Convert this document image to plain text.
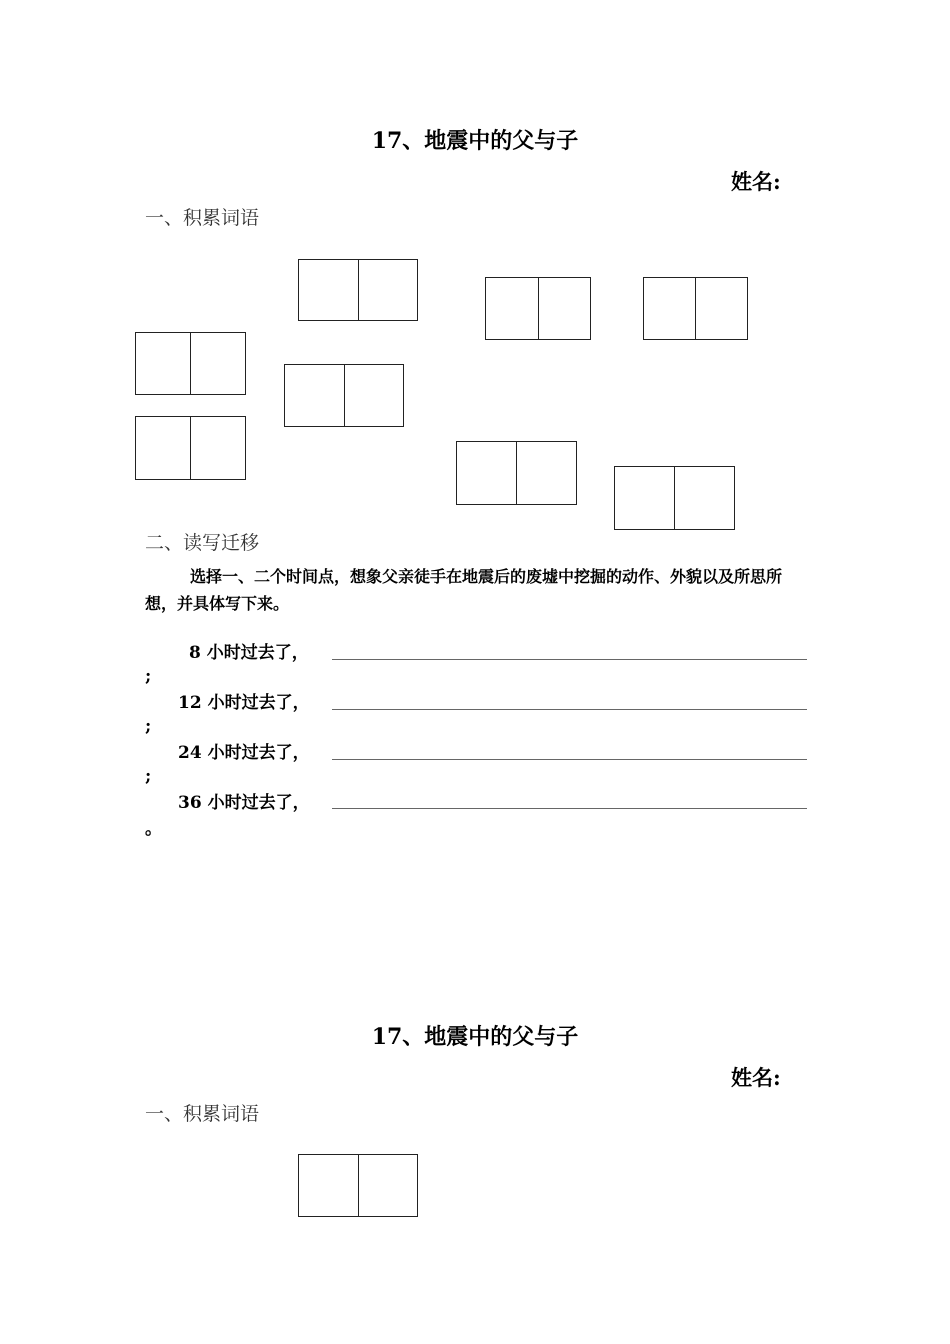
17、地震中的父与子
姓名:
一、积累词语
二、读写迁移
选择一、二个时间点，想象父亲徒手在地震后的废墟中挖掘的动作、外貌以及所思所想，并具体写下来。
8 小时过去了，
;
12 小时过去了，
;
24 小时过去了，
;
36 小时过去了，
。
17、地震中的父与子
姓名:
一、积累词语
